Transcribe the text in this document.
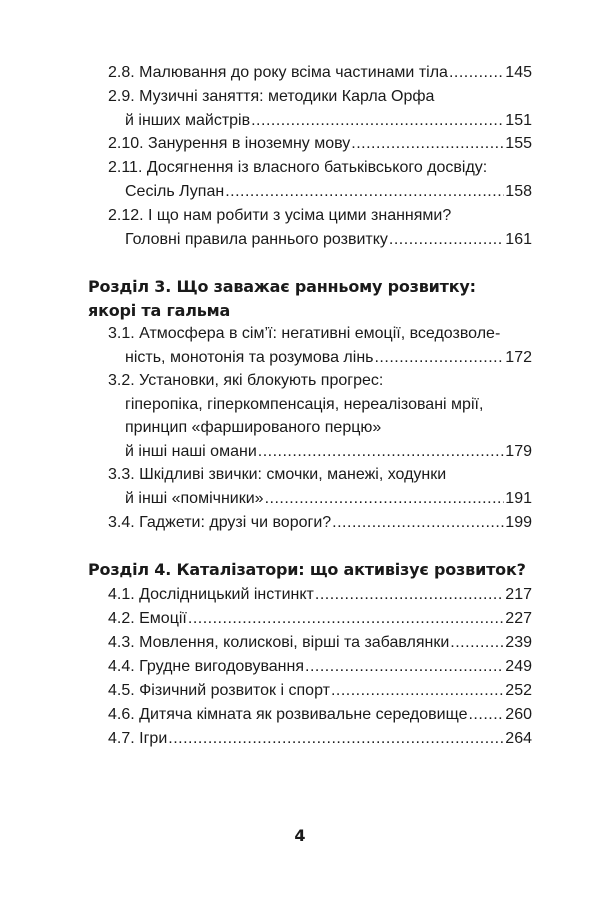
2.8. Малювання до року всіма частинами тіла .....	145
2.9. Музичні заняття: методики Карла Орфа
й інших майстрів .....	151
2.10. Занурення в іноземну мову .....	155
2.11. Досягнення із власного батьківського досвіду:
Сесіль Лупан .....	158
2.12. І що нам робити з усіма цими знаннями?
Головні правила раннього розвитку .....	161
Розділ 3. Що заважає ранньому розвитку:
якорі та гальма
3.1. Атмосфера в сім’ї: негативні емоції, вседозволе-
ність, монотонія та розумова лінь .....	172
3.2. Установки, які блокують прогрес:
гіперопіка, гіперкомпенсація, нереалізовані мрії,
принцип «фаршированого перцю»
й інші наші омани .....	179
3.3. Шкідливі звички: смочки, манежі, ходунки
й інші «помічники» .....	191
3.4. Гаджети: друзі чи вороги? .....	199
Розділ 4. Каталізатори: що активізує розвиток?
4.1. Дослідницький інстинкт .....	217
4.2. Емоції .....	227
4.3. Мовлення, колискові, вірші та забавлянки .....	239
4.4. Грудне вигодовування .....	249
4.5. Фізичний розвиток і спорт .....	252
4.6. Дитяча кімната як розвивальне середовище ..... 260
4.7. Ігри .....	264
4
